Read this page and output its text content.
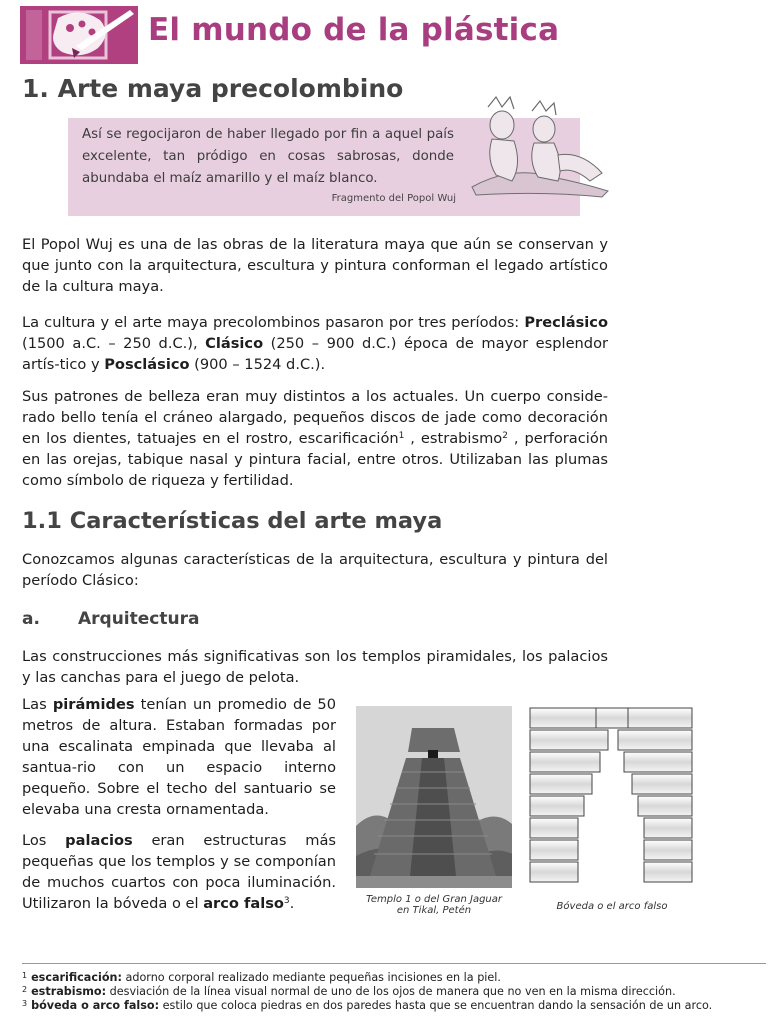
El mundo de la plástica
1. Arte maya precolombino

Así se regocijaron de haber llegado por fin a aquel país excelente, tan pródigo en cosas sabrosas, donde abundaba el maíz amarillo y el maíz blanco.

Fragmento del Popol Wuj

El Popol Wuj es una de las obras de la literatura maya que aún se conservan y que junto con la arquitectura, escultura y pintura conforman el legado artístico de la cultura maya.

La cultura y el arte maya precolombinos pasaron por tres períodos: Preclásico (1500 a.C. – 250 d.C.), Clásico (250 – 900 d.C.) época de mayor esplendor artís-tico y Posclásico (900 – 1524 d.C.).

Sus patrones de belleza eran muy distintos a los actuales. Un cuerpo conside-rado bello tenía el cráneo alargado, pequeños discos de jade como decoración en los dientes, tatuajes en el rostro, escarificación$^1$ , estrabismo$^2$ , perforación en las orejas, tabique nasal y pintura facial, entre otros. Utilizaban las plumas como símbolo de riqueza y fertilidad.

1.1 Características del arte maya

Conozcamos algunas características de la arquitectura, escultura y pintura del período Clásico:

a. Arquitectura

Las construcciones más significativas son los templos piramidales, los palacios y las canchas para el juego de pelota.

Las pirámides tenían un promedio de 50 metros de altura. Estaban formadas por una escalinata empinada que llevaba al santua-rio con un espacio interno pequeño. Sobre el techo del santuario se elevaba una cresta ornamentada.

Los palacios eran estructuras más pequeñas que los templos y se componían de muchos cuartos con poca iluminación. Utilizaron la bóveda o el arco falso$^3$.	Templo 1 o del Gran Jaguar
en Tikal, Petén	Bóveda o el arco falso
$^1$ escarificación: adorno corporal realizado mediante pequeñas incisiones en la piel.
$^2$ estrabismo: desviación de la línea visual normal de uno de los ojos de manera que no ven en la misma dirección.
$^3$ bóveda o arco falso: estilo que coloca piedras en dos paredes hasta que se encuentran dando la sensación de un arco.
